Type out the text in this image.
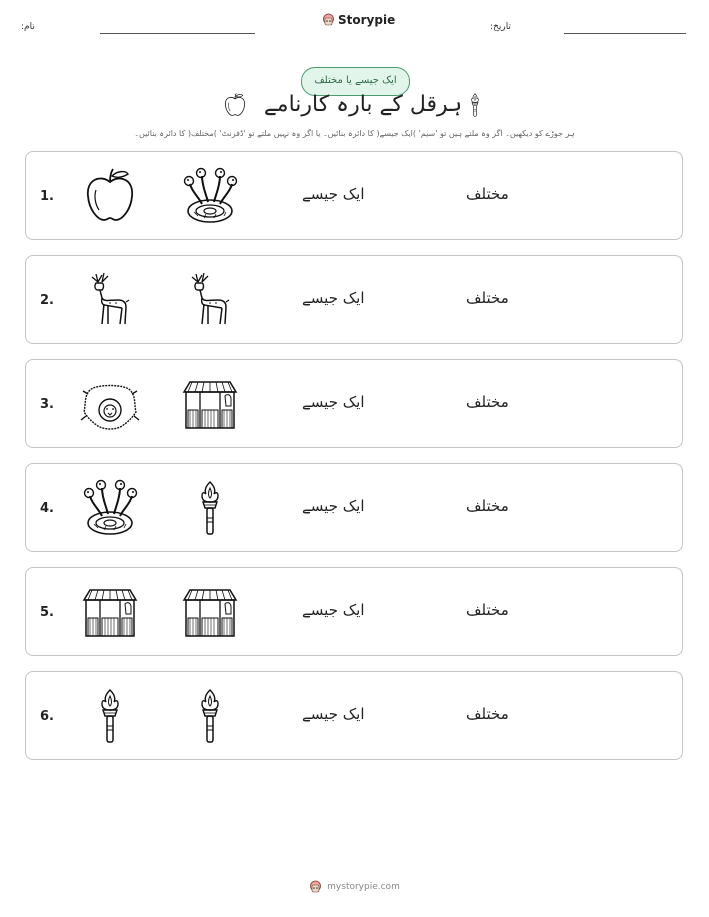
نام:	Storypie	تاریخ:
ایک جیسے یا مختلف
ہرقل کے بارہ کارنامے
ہر جوڑے کو دیکھیں۔ اگر وہ ملتے ہیں تو 'سیم' )ایک جیسے( کا دائرہ بنائیں۔ یا اگر وہ نہیں ملتے تو 'ڈفرنٹ' )مختلف( کا دائرہ بنائیں۔
1.	ایک جیسے	مختلف
2.	ایک جیسے	مختلف
3.	ایک جیسے	مختلف
4.	ایک جیسے	مختلف
5.	ایک جیسے	مختلف
6.	ایک جیسے	مختلف
mystorypie.com
